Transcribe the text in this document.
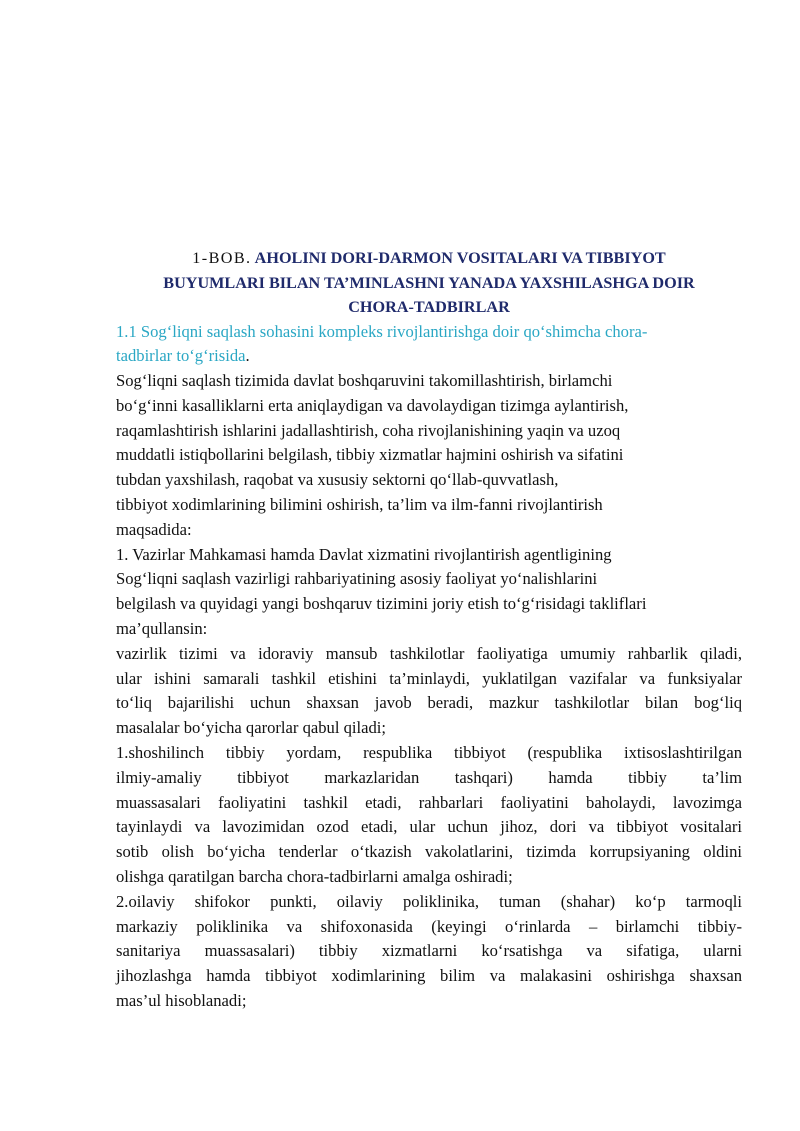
1-BOB. AHOLINI DORI-DARMON VOSITALARI VA TIBBIYOT
BUYUMLARI BILAN TA’MINLASHNI YANADA YAXSHILASHGA DOIR
CHORA-TADBIRLAR

1.1 Sog‘liqni saqlash sohasini kompleks rivojlantirishga doir qo‘shimcha chora-

tadbirlar to‘g‘risida.

Sog‘liqni saqlash tizimida davlat boshqaruvini takomillashtirish, birlamchi

bo‘g‘inni kasalliklarni erta aniqlaydigan va davolaydigan tizimga aylantirish,

raqamlashtirish ishlarini jadallashtirish, coha rivojlanishining yaqin va uzoq

muddatli istiqbollarini belgilash, tibbiy xizmatlar hajmini oshirish va sifatini

tubdan yaxshilash, raqobat va xususiy sektorni qo‘llab-quvvatlash,

tibbiyot xodimlarining bilimini oshirish, ta’lim va ilm-fanni rivojlantirish

maqsadida:

1. Vazirlar Mahkamasi hamda Davlat xizmatini rivojlantirish agentligining

Sog‘liqni saqlash vazirligi rahbariyatining asosiy faoliyat yo‘nalishlarini

belgilash va quyidagi yangi boshqaruv tizimini joriy etish to‘g‘risidagi takliflari

ma’qullansin:

vazirlik tizimi va idoraviy mansub tashkilotlar faoliyatiga umumiy rahbarlik qiladi,

ular ishini samarali tashkil etishini ta’minlaydi, yuklatilgan vazifalar va funksiyalar

to‘liq bajarilishi uchun shaxsan javob beradi, mazkur tashkilotlar bilan bog‘liq

masalalar bo‘yicha qarorlar qabul qiladi;

1.shoshilinch tibbiy yordam, respublika tibbiyot (respublika ixtisoslashtirilgan

ilmiy-amaliy tibbiyot markazlaridan tashqari) hamda tibbiy ta’lim

muassasalari faoliyatini tashkil etadi, rahbarlari faoliyatini baholaydi, lavozimga

tayinlaydi va lavozimidan ozod etadi, ular uchun jihoz, dori va tibbiyot vositalari

sotib olish bo‘yicha tenderlar o‘tkazish vakolatlarini, tizimda korrupsiyaning oldini

olishga qaratilgan barcha chora-tadbirlarni amalga oshiradi;

2.oilaviy shifokor punkti, oilaviy poliklinika, tuman (shahar) ko‘p tarmoqli

markaziy poliklinika va shifoxonasida (keyingi o‘rinlarda – birlamchi tibbiy-

sanitariya muassasalari) tibbiy xizmatlarni ko‘rsatishga va sifatiga, ularni

jihozlashga hamda tibbiyot xodimlarining bilim va malakasini oshirishga shaxsan

mas’ul hisoblanadi;
